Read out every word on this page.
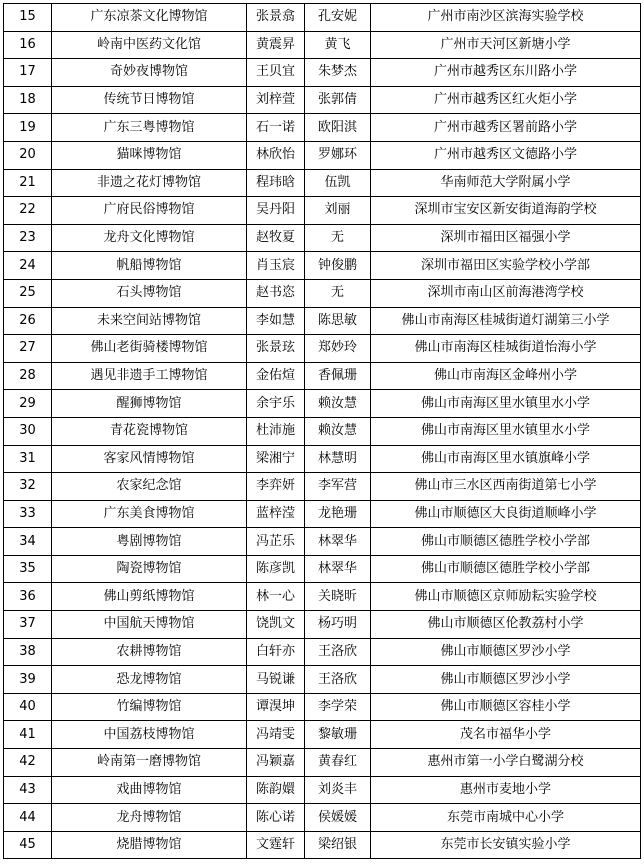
15	广东凉茶文化博物馆	张景翕	孔安妮	广州市南沙区滨海实验学校
16	岭南中医药文化馆	黄震昇	黄飞	广州市天河区新塘小学
17	奇妙夜博物馆	王贝宜	朱梦杰	广州市越秀区东川路小学
18	传统节日博物馆	刘梓萱	张郭倩	广州市越秀区红火炬小学
19	广东三粤博物馆	石一诺	欧阳淇	广州市越秀区署前路小学
20	猫咪博物馆	林欣怡	罗娜环	广州市越秀区文德路小学
21	非遗之花灯博物馆	程玮晗	伍凯	华南师范大学附属小学
22	广府民俗博物馆	吴丹阳	刘丽	深圳市宝安区新安街道海韵学校
23	龙舟文化博物馆	赵牧夏	无	深圳市福田区福强小学
24	帆船博物馆	肖玉宸	钟俊鹏	深圳市福田区实验学校小学部
25	石头博物馆	赵书恣	无	深圳市南山区前海港湾学校
26	未来空间站博物馆	李如慧	陈思敏	佛山市南海区桂城街道灯湖第三小学
27	佛山老街骑楼博物馆	张景玹	郑妙玲	佛山市南海区桂城街道怡海小学
28	遇见非遗手工博物馆	金佑煊	香佩珊	佛山市南海区金峰州小学
29	醒狮博物馆	余宇乐	赖汝慧	佛山市南海区里水镇里水小学
30	青花瓷博物馆	杜沛施	赖汝慧	佛山市南海区里水镇里水小学
31	客家风情博物馆	梁湘宁	林慧明	佛山市南海区里水镇旗峰小学
32	农家纪念馆	李弈妍	李军营	佛山市三水区西南街道第七小学
33	广东美食博物馆	蓝梓滢	龙艳珊	佛山市顺德区大良街道顺峰小学
34	粤剧博物馆	冯芷乐	林翠华	佛山市顺德区德胜学校小学部
35	陶瓷博物馆	陈彦凯	林翠华	佛山市顺德区德胜学校小学部
36	佛山剪纸博物馆	林一心	关晓昕	佛山市顺德区京师励耘实验学校
37	中国航天博物馆	饶凯文	杨巧明	佛山市顺德区伦教荔村小学
38	农耕博物馆	白轩亦	王洛欣	佛山市顺德区罗沙小学
39	恐龙博物馆	马锐谦	王洛欣	佛山市顺德区罗沙小学
40	竹编博物馆	谭湨坤	李学荣	佛山市顺德区容桂小学
41	中国荔枝博物馆	冯靖雯	黎敏珊	茂名市福华小学
42	岭南第一磨博物馆	冯颖嘉	黄春红	惠州市第一小学白鹭湖分校
43	戏曲博物馆	陈韵嬛	刘炎丰	惠州市麦地小学
44	龙舟博物馆	陈心诺	侯媛媛	东莞市南城中心小学
45	烧腊博物馆	文霆轩	梁绍银	东莞市长安镇实验小学
